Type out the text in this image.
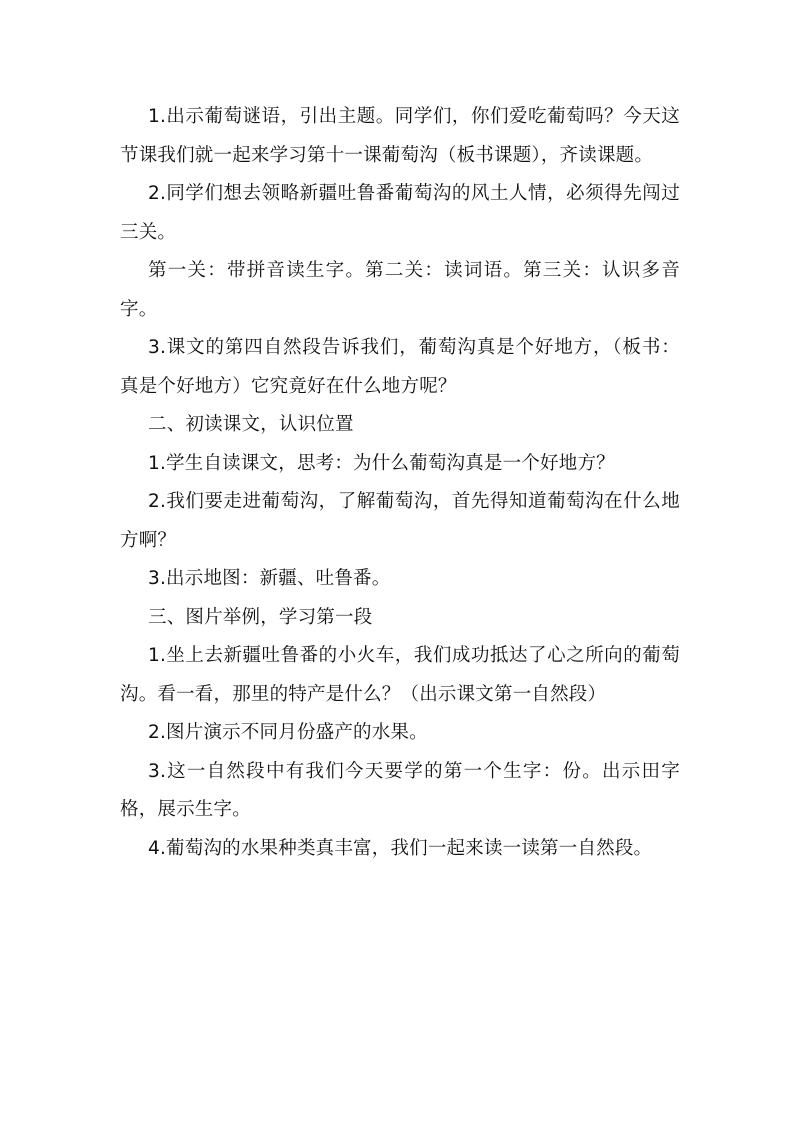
1.出示葡萄谜语，引出主题。同学们，你们爱吃葡萄吗？今天这节课我们就一起来学习第十一课葡萄沟（板书课题），齐读课题。

2.同学们想去领略新疆吐鲁番葡萄沟的风土人情，必须得先闯过三关。

第一关：带拼音读生字。第二关：读词语。第三关：认识多音字。

3.课文的第四自然段告诉我们，葡萄沟真是个好地方，（板书：真是个好地方）它究竟好在什么地方呢？

二、初读课文，认识位置

1.学生自读课文，思考：为什么葡萄沟真是一个好地方？

2.我们要走进葡萄沟，了解葡萄沟，首先得知道葡萄沟在什么地方啊？

3.出示地图：新疆、吐鲁番。

三、图片举例，学习第一段

1.坐上去新疆吐鲁番的小火车，我们成功抵达了心之所向的葡萄沟。看一看，那里的特产是什么？（出示课文第一自然段）

2.图片演示不同月份盛产的水果。

3.这一自然段中有我们今天要学的第一个生字：份。出示田字格，展示生字。

4.葡萄沟的水果种类真丰富，我们一起来读一读第一自然段。
